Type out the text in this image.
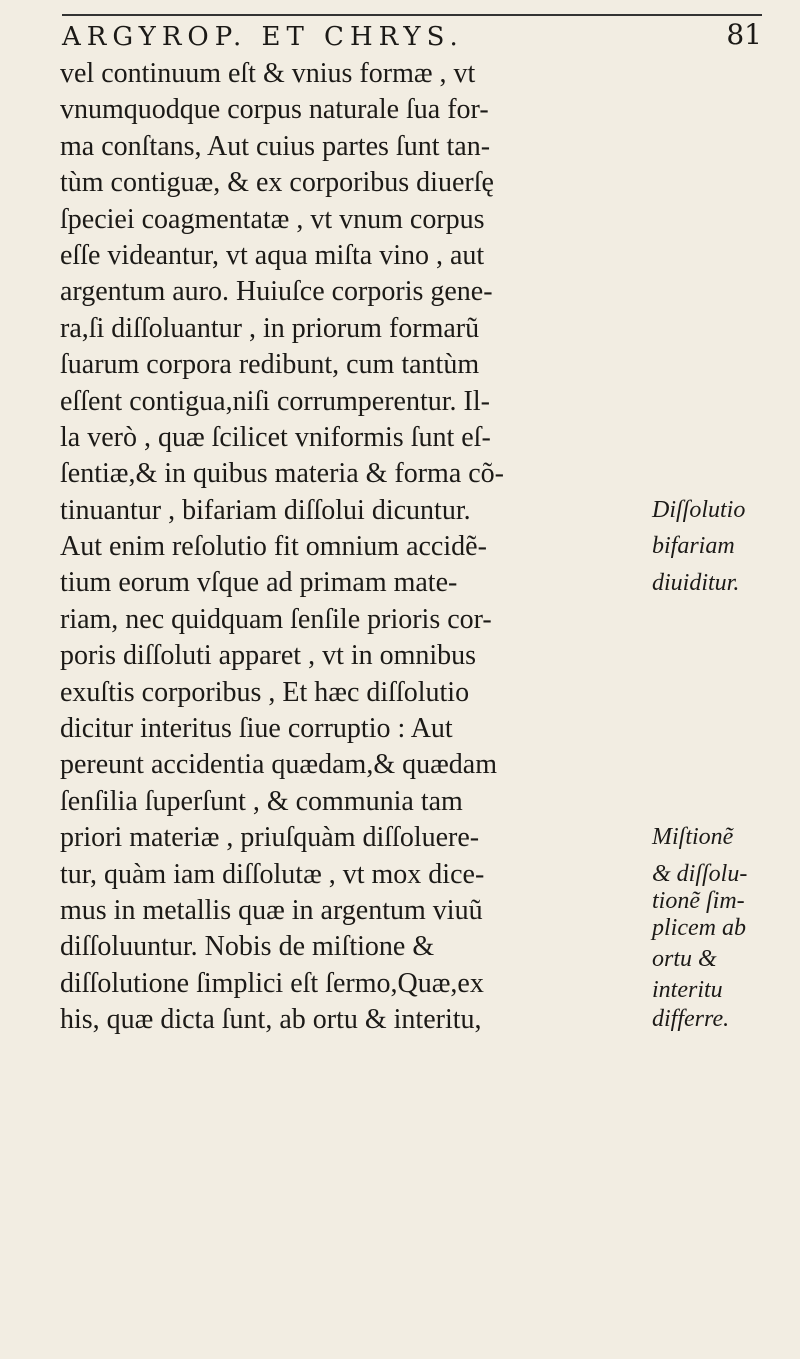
ARGYROP. ET CHRYS.	81
vel continuum eſt & vnius formæ , vt
vnumquodque corpus naturale ſua for-
ma conſtans, Aut cuius partes ſunt tan-
tùm contiguæ, & ex corporibus diuerſę
ſpeciei coagmentatæ , vt vnum corpus
eſſe videantur, vt aqua miſta vino , aut
argentum auro. Huiuſce corporis gene-
ra,ſi diſſoluantur , in priorum formarũ
ſuarum corpora redibunt, cum tantùm
eſſent contigua,niſi corrumperentur. Il-
la verò , quæ ſcilicet vniformis ſunt eſ-
ſentiæ,& in quibus materia & forma cõ-
tinuantur , bifariam diſſolui dicuntur.
Aut enim reſolutio fit omnium accidẽ-
tium eorum vſque ad primam mate-
riam, nec quidquam ſenſile prioris cor-
poris diſſoluti apparet , vt in omnibus
exuſtis corporibus , Et hæc diſſolutio
dicitur interitus ſiue corruptio : Aut
pereunt accidentia quædam,& quædam
ſenſilia ſuperſunt , & communia tam
priori materiæ , priuſquàm diſſoluere-
tur, quàm iam diſſolutæ , vt mox dice-
mus in metallis quæ in argentum viuũ
diſſoluuntur. Nobis de miſtione &
diſſolutione ſimplici eſt ſermo,Quæ,ex
his, quæ dicta ſunt, ab ortu & interitu,
Diſſolutio
bifariam
diuiditur.
Miſtionẽ
& diſſolu-
tionẽ ſim-
plicem ab
ortu &
interitu
differre.
